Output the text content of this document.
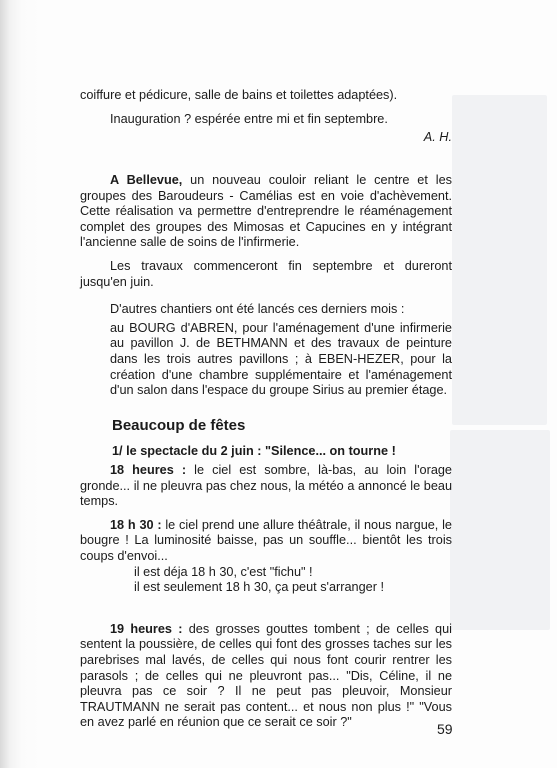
coiffure et pédicure, salle de bains et toilettes adaptées).

Inauguration ? espérée entre mi et fin septembre.

A. H.

A Bellevue, un nouveau couloir reliant le centre et les groupes des Baroudeurs - Camélias est en voie d'achèvement. Cette réalisation va permettre d'entreprendre le réaménagement complet des groupes des Mimosas et Capucines en y intégrant l'ancienne salle de soins de l'infirmerie.

Les travaux commenceront fin septembre et dureront jusqu'en juin.

D'autres chantiers ont été lancés ces derniers mois :

au BOURG d'ABREN, pour l'aménagement d'une infirmerie au pavillon J. de BETHMANN et des travaux de peinture dans les trois autres pavillons ; à EBEN-HEZER, pour la création d'une chambre supplémentaire et l'aménagement d'un salon dans l'espace du groupe Sirius au premier étage.

Beaucoup de fêtes

1/ le spectacle du 2 juin : "Silence... on tourne !

18 heures : le ciel est sombre, là-bas, au loin l'orage gronde... il ne pleuvra pas chez nous, la météo a annoncé le beau temps.

18 h 30 : le ciel prend une allure théâtrale, il nous nargue, le bougre ! La luminosité baisse, pas un souffle... bientôt les trois coups d'envoi...

il est déja 18 h 30, c'est "fichu" !
il est seulement 18 h 30, ça peut s'arranger !

19 heures : des grosses gouttes tombent ; de celles qui sentent la poussière, de celles qui font des grosses taches sur les parebrises mal lavés, de celles qui nous font courir rentrer les parasols ; de celles qui ne pleuvront pas... "Dis, Céline, il ne pleuvra pas ce soir ? Il ne peut pas pleuvoir, Monsieur TRAUTMANN ne serait pas content... et nous non plus !" "Vous en avez parlé en réunion que ce serait ce soir ?"	59
